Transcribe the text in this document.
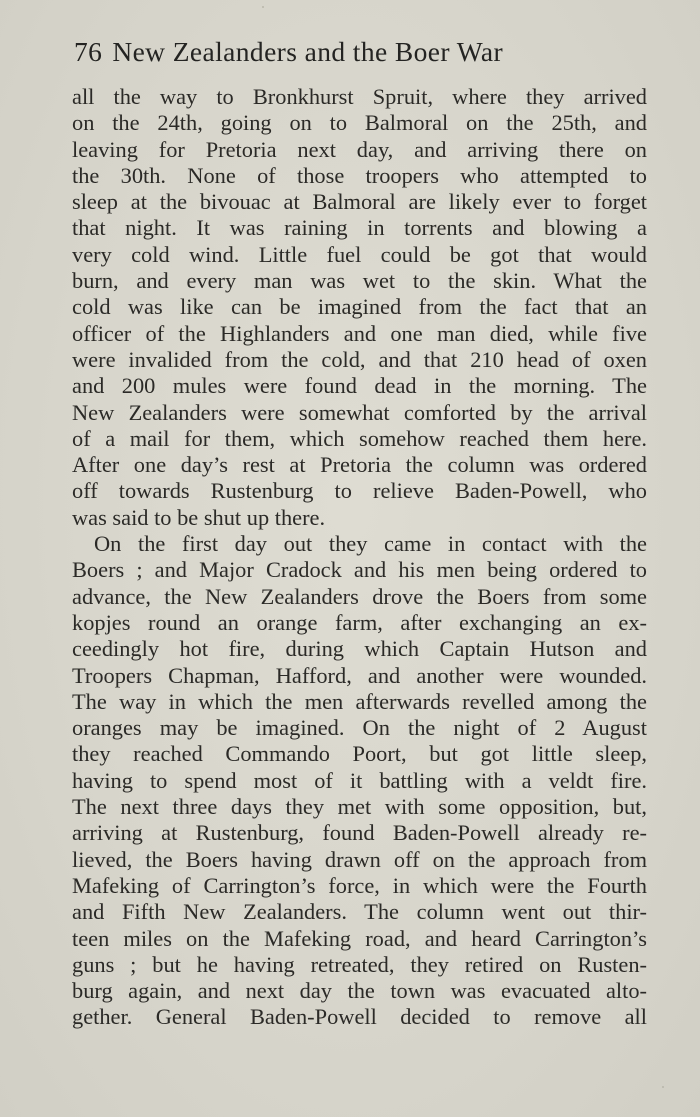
76 New Zealanders and the Boer War
all the way to Bronkhurst Spruit, where they arrived
on the 24th, going on to Balmoral on the 25th, and
leaving for Pretoria next day, and arriving there on
the 30th. None of those troopers who attempted to
sleep at the bivouac at Balmoral are likely ever to forget
that night. It was raining in torrents and blowing a
very cold wind. Little fuel could be got that would
burn, and every man was wet to the skin. What the
cold was like can be imagined from the fact that an
officer of the Highlanders and one man died, while five
were invalided from the cold, and that 210 head of oxen
and 200 mules were found dead in the morning. The
New Zealanders were somewhat comforted by the arrival
of a mail for them, which somehow reached them here.
After one day’s rest at Pretoria the column was ordered
off towards Rustenburg to relieve Baden-Powell, who
was said to be shut up there.
On the first day out they came in contact with the
Boers ; and Major Cradock and his men being ordered to
advance, the New Zealanders drove the Boers from some
kopjes round an orange farm, after exchanging an ex-
ceedingly hot fire, during which Captain Hutson and
Troopers Chapman, Hafford, and another were wounded.
The way in which the men afterwards revelled among the
oranges may be imagined. On the night of 2 August
they reached Commando Poort, but got little sleep,
having to spend most of it battling with a veldt fire.
The next three days they met with some opposition, but,
arriving at Rustenburg, found Baden-Powell already re-
lieved, the Boers having drawn off on the approach from
Mafeking of Carrington’s force, in which were the Fourth
and Fifth New Zealanders. The column went out thir-
teen miles on the Mafeking road, and heard Carrington’s
guns ; but he having retreated, they retired on Rusten-
burg again, and next day the town was evacuated alto-
gether. General Baden-Powell decided to remove all
